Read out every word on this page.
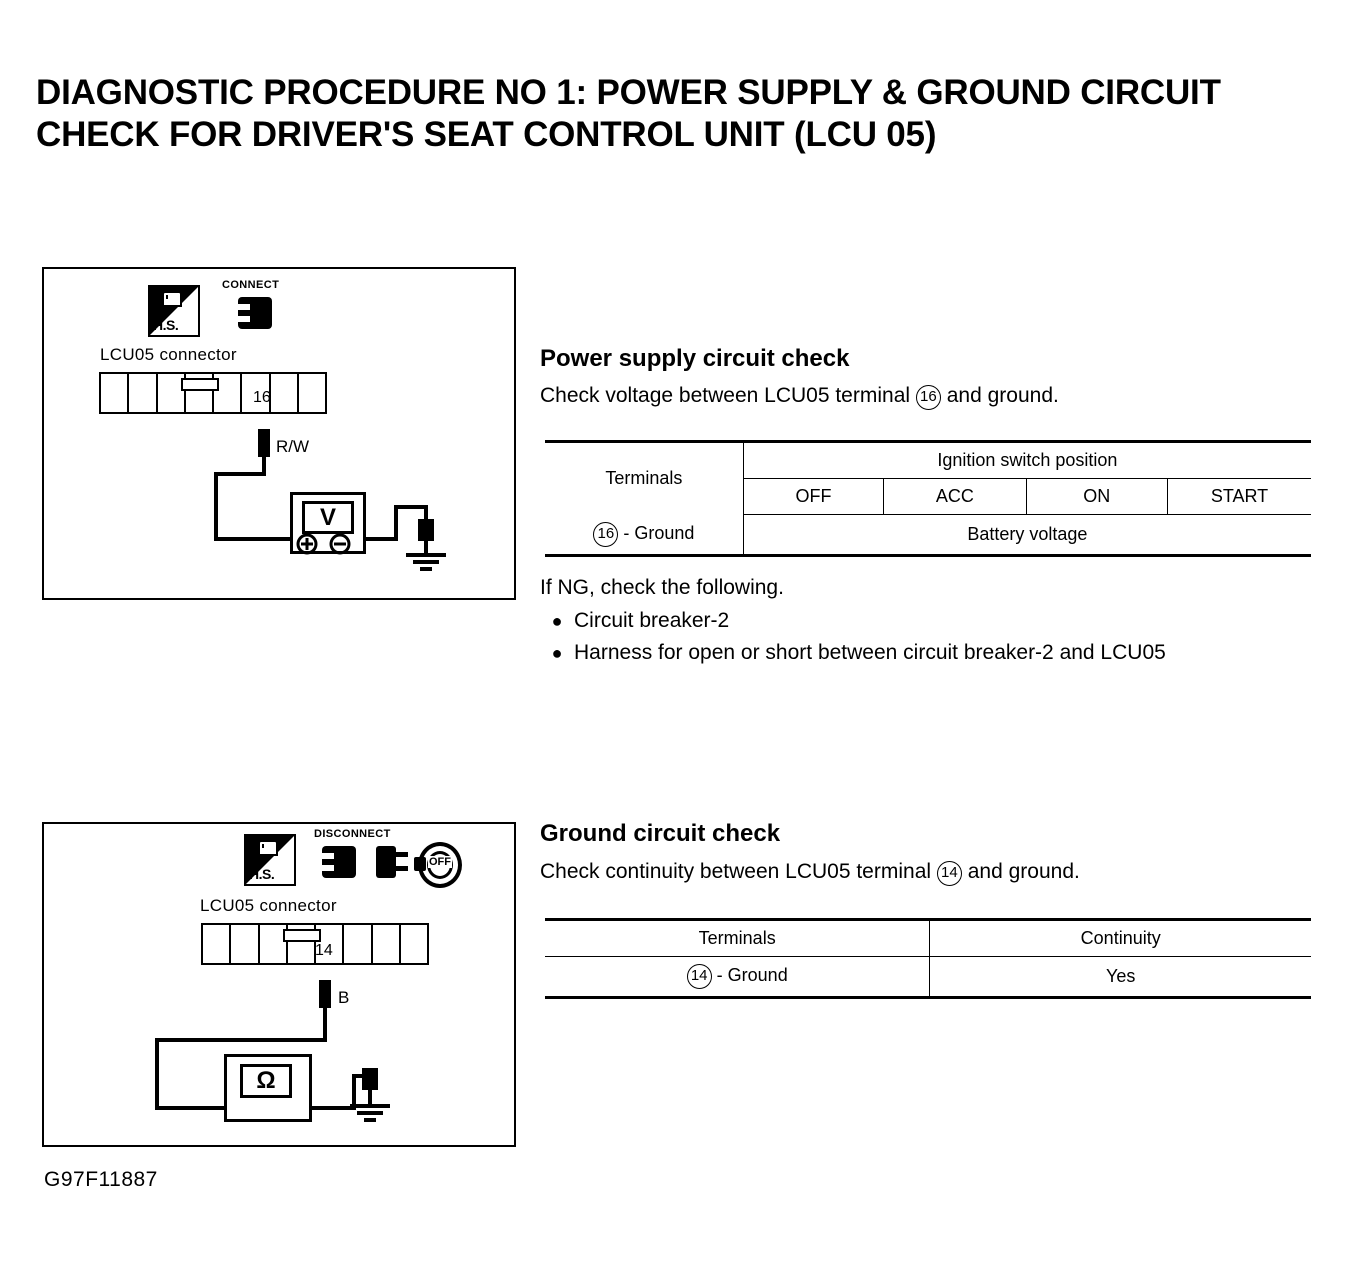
DIAGNOSTIC PROCEDURE NO 1: POWER SUPPLY & GROUND CIRCUIT CHECK FOR DRIVER'S SEAT CONTROL UNIT (LCU 05)
H.S.
CONNECT
LCU05 connector
16
R/W
V
H.S.
DISCONNECT
OFF
LCU05 connector
14
B
Ω
G97F11887
Power supply circuit check
Check voltage between LCU05 terminal 16 and ground.
Terminals	Ignition switch position			
	OFF	ACC	ON	START
16 - Ground	Battery voltage			
If NG, check the following.
● Circuit breaker-2
● Harness for open or short between circuit breaker-2 and LCU05
Ground circuit check
Check continuity between LCU05 terminal 14 and ground.
Terminals	Continuity
14 - Ground	Yes
